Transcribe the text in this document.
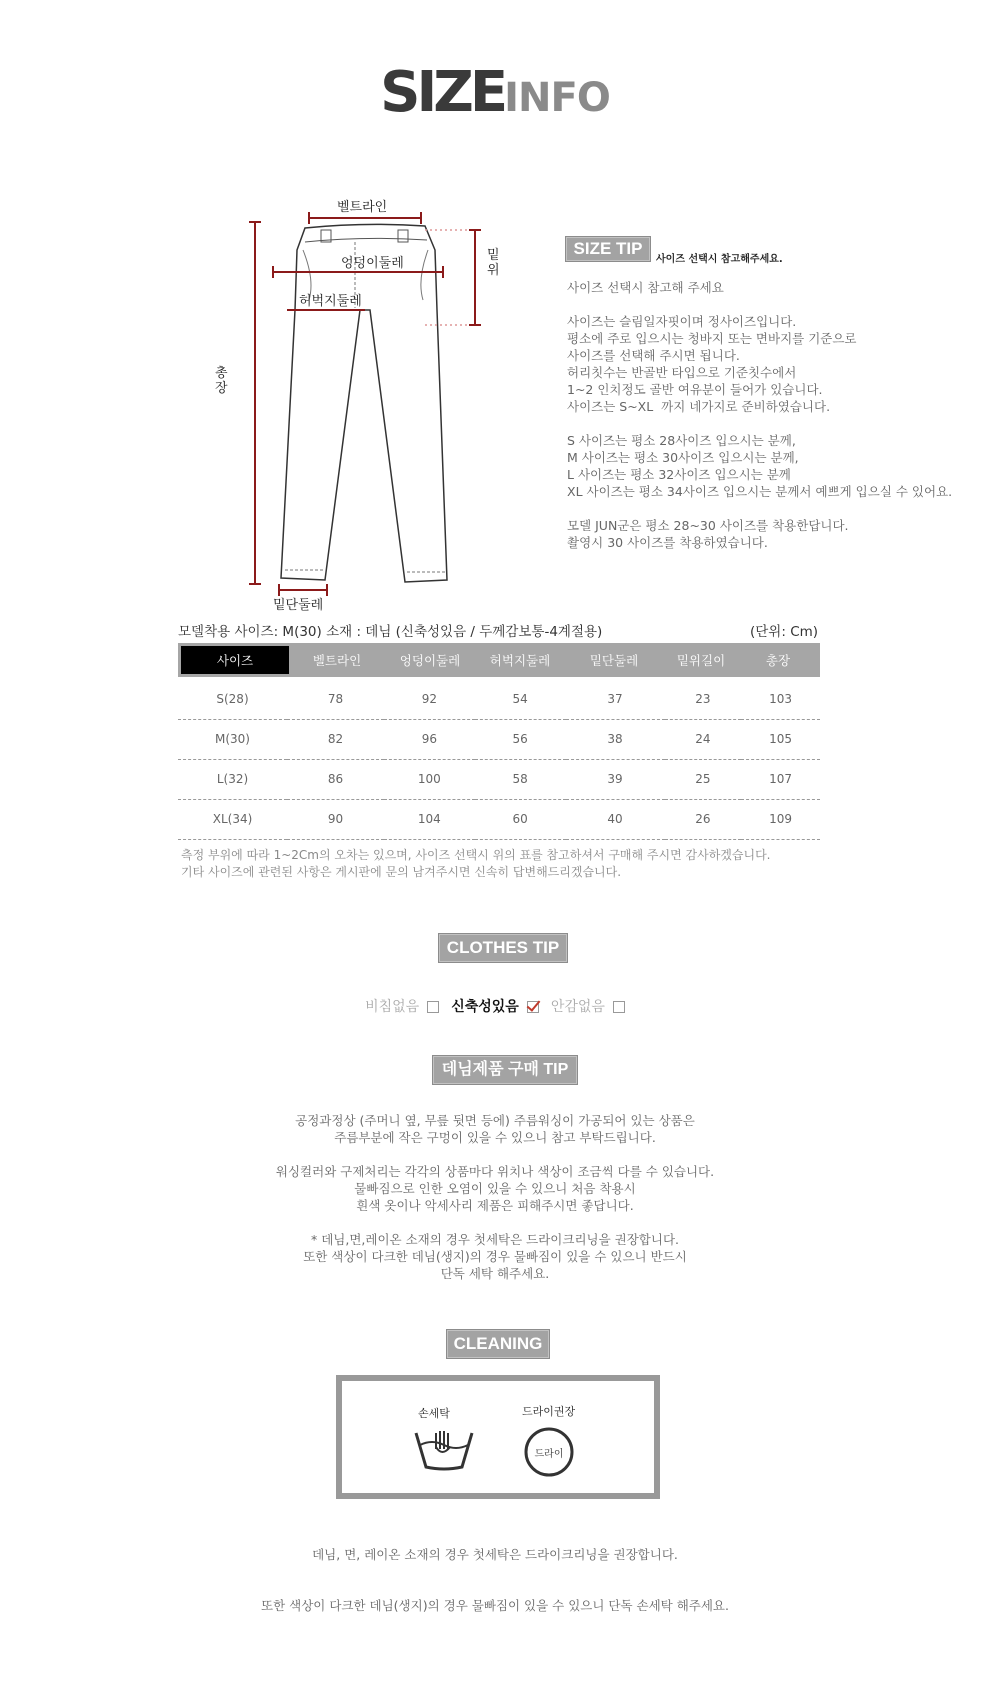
SIZEINFO
벨트라인
엉덩이둘레
허벅지둘레
밑위
총장
밑단둘레
SIZE TIP
사이즈 선택시 참고해주세요.
사이즈 선택시 참고해 주세요
사이즈는 슬림일자핏이며 정사이즈입니다.
평소에 주로 입으시는 청바지 또는 면바지를 기준으로
사이즈를 선택해 주시면 됩니다.
허리칫수는 반골반 타입으로 기준칫수에서
1~2 인치정도 골반 여유분이 들어가 있습니다.
사이즈는 S~XL  까지 네가지로 준비하였습니다.
S 사이즈는 평소 28사이즈 입으시는 분께,
M 사이즈는 평소 30사이즈 입으시는 분께,
L 사이즈는 평소 32사이즈 입으시는 분께
XL 사이즈는 평소 34사이즈 입으시는 분께서 예쁘게 입으실 수 있어요.
모델 JUN군은 평소 28~30 사이즈를 착용한답니다.
촬영시 30 사이즈를 착용하였습니다.
모델착용 사이즈: M(30) 소재 : 데님 (신축성있음 / 두께감보통-4계절용)	(단위: Cm)
사이즈	벨트라인	엉덩이둘레	허벅지둘레	밑단둘레	밑위길이	총장
S(28)	78	92	54	37	23	103
M(30)	82	96	56	38	24	105
L(32)	86	100	58	39	25	107
XL(34)	90	104	60	40	26	109
측정 부위에 따라 1~2Cm의 오차는 있으며, 사이즈 선택시 위의 표를 참고하셔서 구매해 주시면 감사하겠습니다.
기타 사이즈에 관련된 사항은 게시판에 문의 남겨주시면 신속히 답변해드리겠습니다.
CLOTHES TIP
비침없음 신축성있음 안감없음
데님제품 구매 TIP
공정과정상 (주머니 옆, 무릎 뒷면 등에) 주름워싱이 가공되어 있는 상품은
주름부분에 작은 구멍이 있을 수 있으니 참고 부탁드립니다.
워싱컬러와 구제처리는 각각의 상품마다 위치나 색상이 조금씩 다를 수 있습니다.
물빠짐으로 인한 오염이 있을 수 있으니 처음 착용시
흰색 옷이나 악세사리 제품은 피해주시면 좋답니다.
* 데님,면,레이온 소재의 경우 첫세탁은 드라이크리닝을 권장합니다.
또한 색상이 다크한 데님(생지)의 경우 물빠짐이 있을 수 있으니 반드시
단독 세탁 해주세요.
CLEANING
손세탁	드라이권장
드라이

데님, 면, 레이온 소재의 경우 첫세탁은 드라이크리닝을 권장합니다.

또한 색상이 다크한 데님(생지)의 경우 물빠짐이 있을 수 있으니 단독 손세탁 해주세요.
